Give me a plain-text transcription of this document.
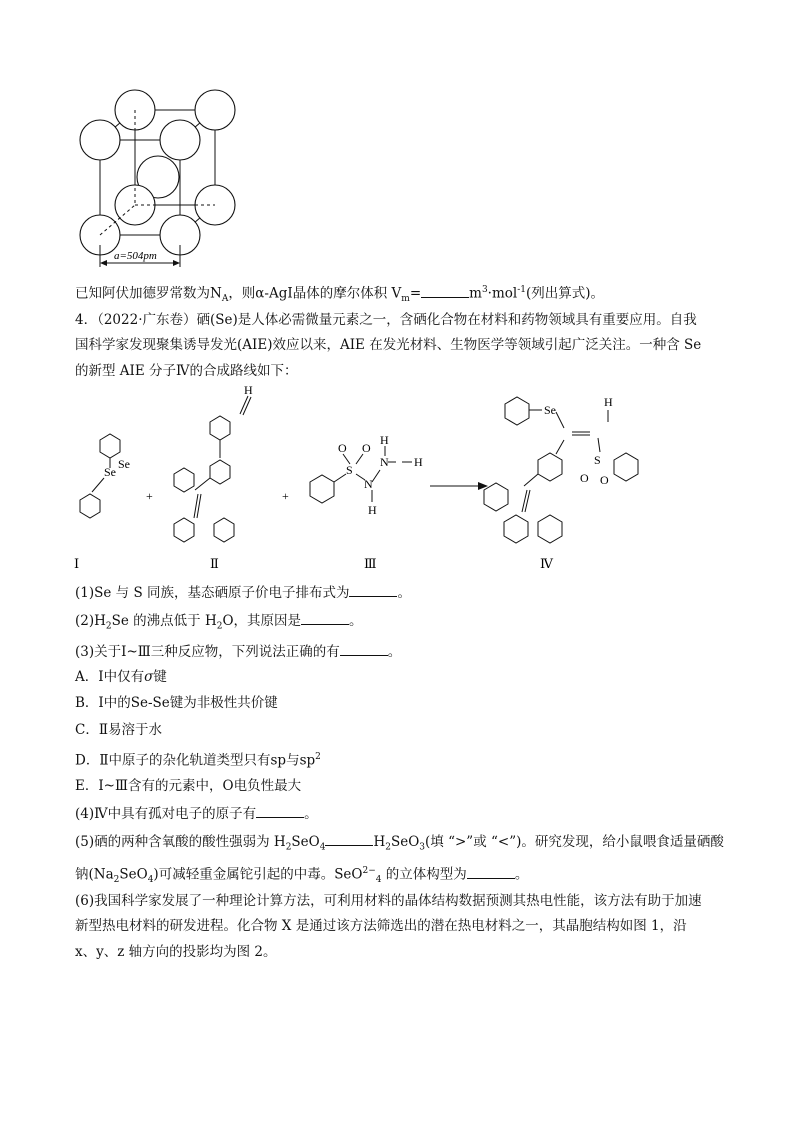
a=504pm
已知阿伏加德罗常数为$N_A$，则α-AgI晶体的摩尔体积 $V_m=$	$m^3\cdot mol^{-1}$(列出算式)。
4．（2022·广东卷）硒(Se)是人体必需微量元素之一，含硒化合物在材料和药物领域具有重要应用。自我
国科学家发现聚集诱导发光(AIE)效应以来，AIE 在发光材料、生物医学等领域引起广泛关注。一种含 Se
的新型 AIE 分子Ⅳ的合成路线如下：
Se
Se
H
S
O O
N
N
H
H
H
Se
H
S
O O
+	+
Ⅰ	Ⅱ	Ⅲ	Ⅳ
(1)Se 与 S 同族，基态硒原子价电子排布式为	。
$(2)H_2Se$ 的沸点低于 $H_2O$，其原因是	。
(3)关于Ⅰ~Ⅲ三种反应物，下列说法正确的有	。
A．Ⅰ中仅有σ键
B．Ⅰ中的Se-Se键为非极性共价键
C．Ⅱ易溶于水
D．Ⅱ中原子的杂化轨道类型只有sp与$sp^2$
E．Ⅰ~Ⅲ含有的元素中，O电负性最大
(4)Ⅳ中具有孤对电子的原子有	。
(5)硒的两种含氧酸的酸性强弱为 $H_2SeO_4$	$H_2SeO_3$(填 “>”或 “<”)。研究发现，给小鼠喂食适量硒酸
钠$(Na_2SeO_4)$可减轻重金属铊引起的中毒。SeO$^{2-}_4$ 的立体构型为	。
(6)我国科学家发展了一种理论计算方法，可利用材料的晶体结构数据预测其热电性能，该方法有助于加速
新型热电材料的研发进程。化合物 X 是通过该方法筛选出的潜在热电材料之一，其晶胞结构如图 1，沿
x、y、z 轴方向的投影均为图 2。
